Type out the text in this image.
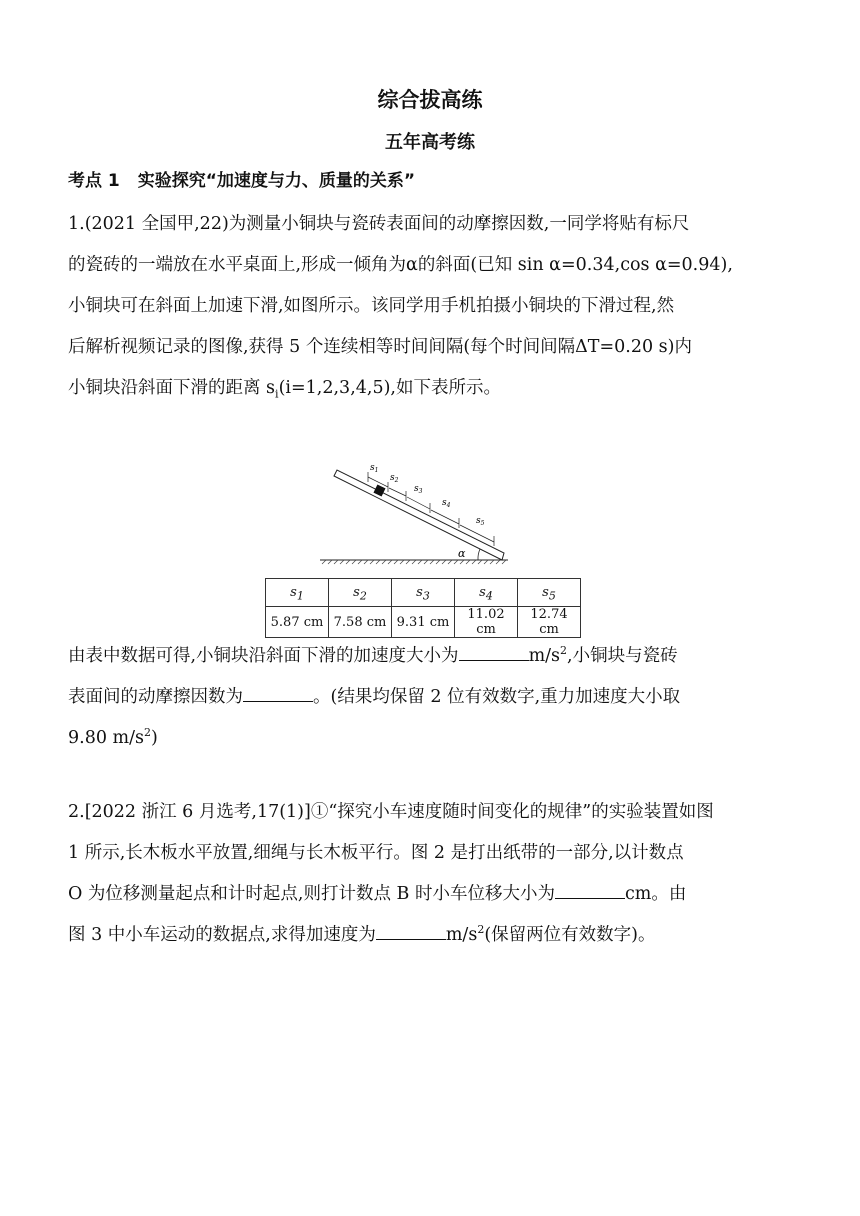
综合拔高练
五年高考练
考点 1 实验探究“加速度与力、质量的关系”
1.(2021 全国甲,22)为测量小铜块与瓷砖表面间的动摩擦因数,一同学将贴有标尺
的瓷砖的一端放在水平桌面上,形成一倾角为α的斜面(已知 sin α=0.34,cos α=0.94),
小铜块可在斜面上加速下滑,如图所示。该同学用手机拍摄小铜块的下滑过程,然
后解析视频记录的图像,获得 5 个连续相等时间间隔(每个时间间隔ΔT=0.20 s)内
小铜块沿斜面下滑的距离 $s_i(i=1,2,3,4,5)$,如下表所示。
α
$s_1$
$s_2$
$s_3$
$s_4$
$s_5$
$s_1$	$s_2$	$s_3$	$s_4$	$s_5$
5.87 cm	7.58 cm	9.31 cm	11.02 cm	12.74 cm
由表中数据可得,小铜块沿斜面下滑的加速度大小为	$m/s^2$,小铜块与瓷砖
表面间的动摩擦因数为	。(结果均保留 2 位有效数字,重力加速度大小取
9.80 $m/s^2$)
2.[2022 浙江 6 月选考,17(1)]①“探究小车速度随时间变化的规律”的实验装置如图
1 所示,长木板水平放置,细绳与长木板平行。图 2 是打出纸带的一部分,以计数点
O 为位移测量起点和计时起点,则打计数点 B 时小车位移大小为	cm。由
图 3 中小车运动的数据点,求得加速度为	$m/s^2$(保留两位有效数字)。
